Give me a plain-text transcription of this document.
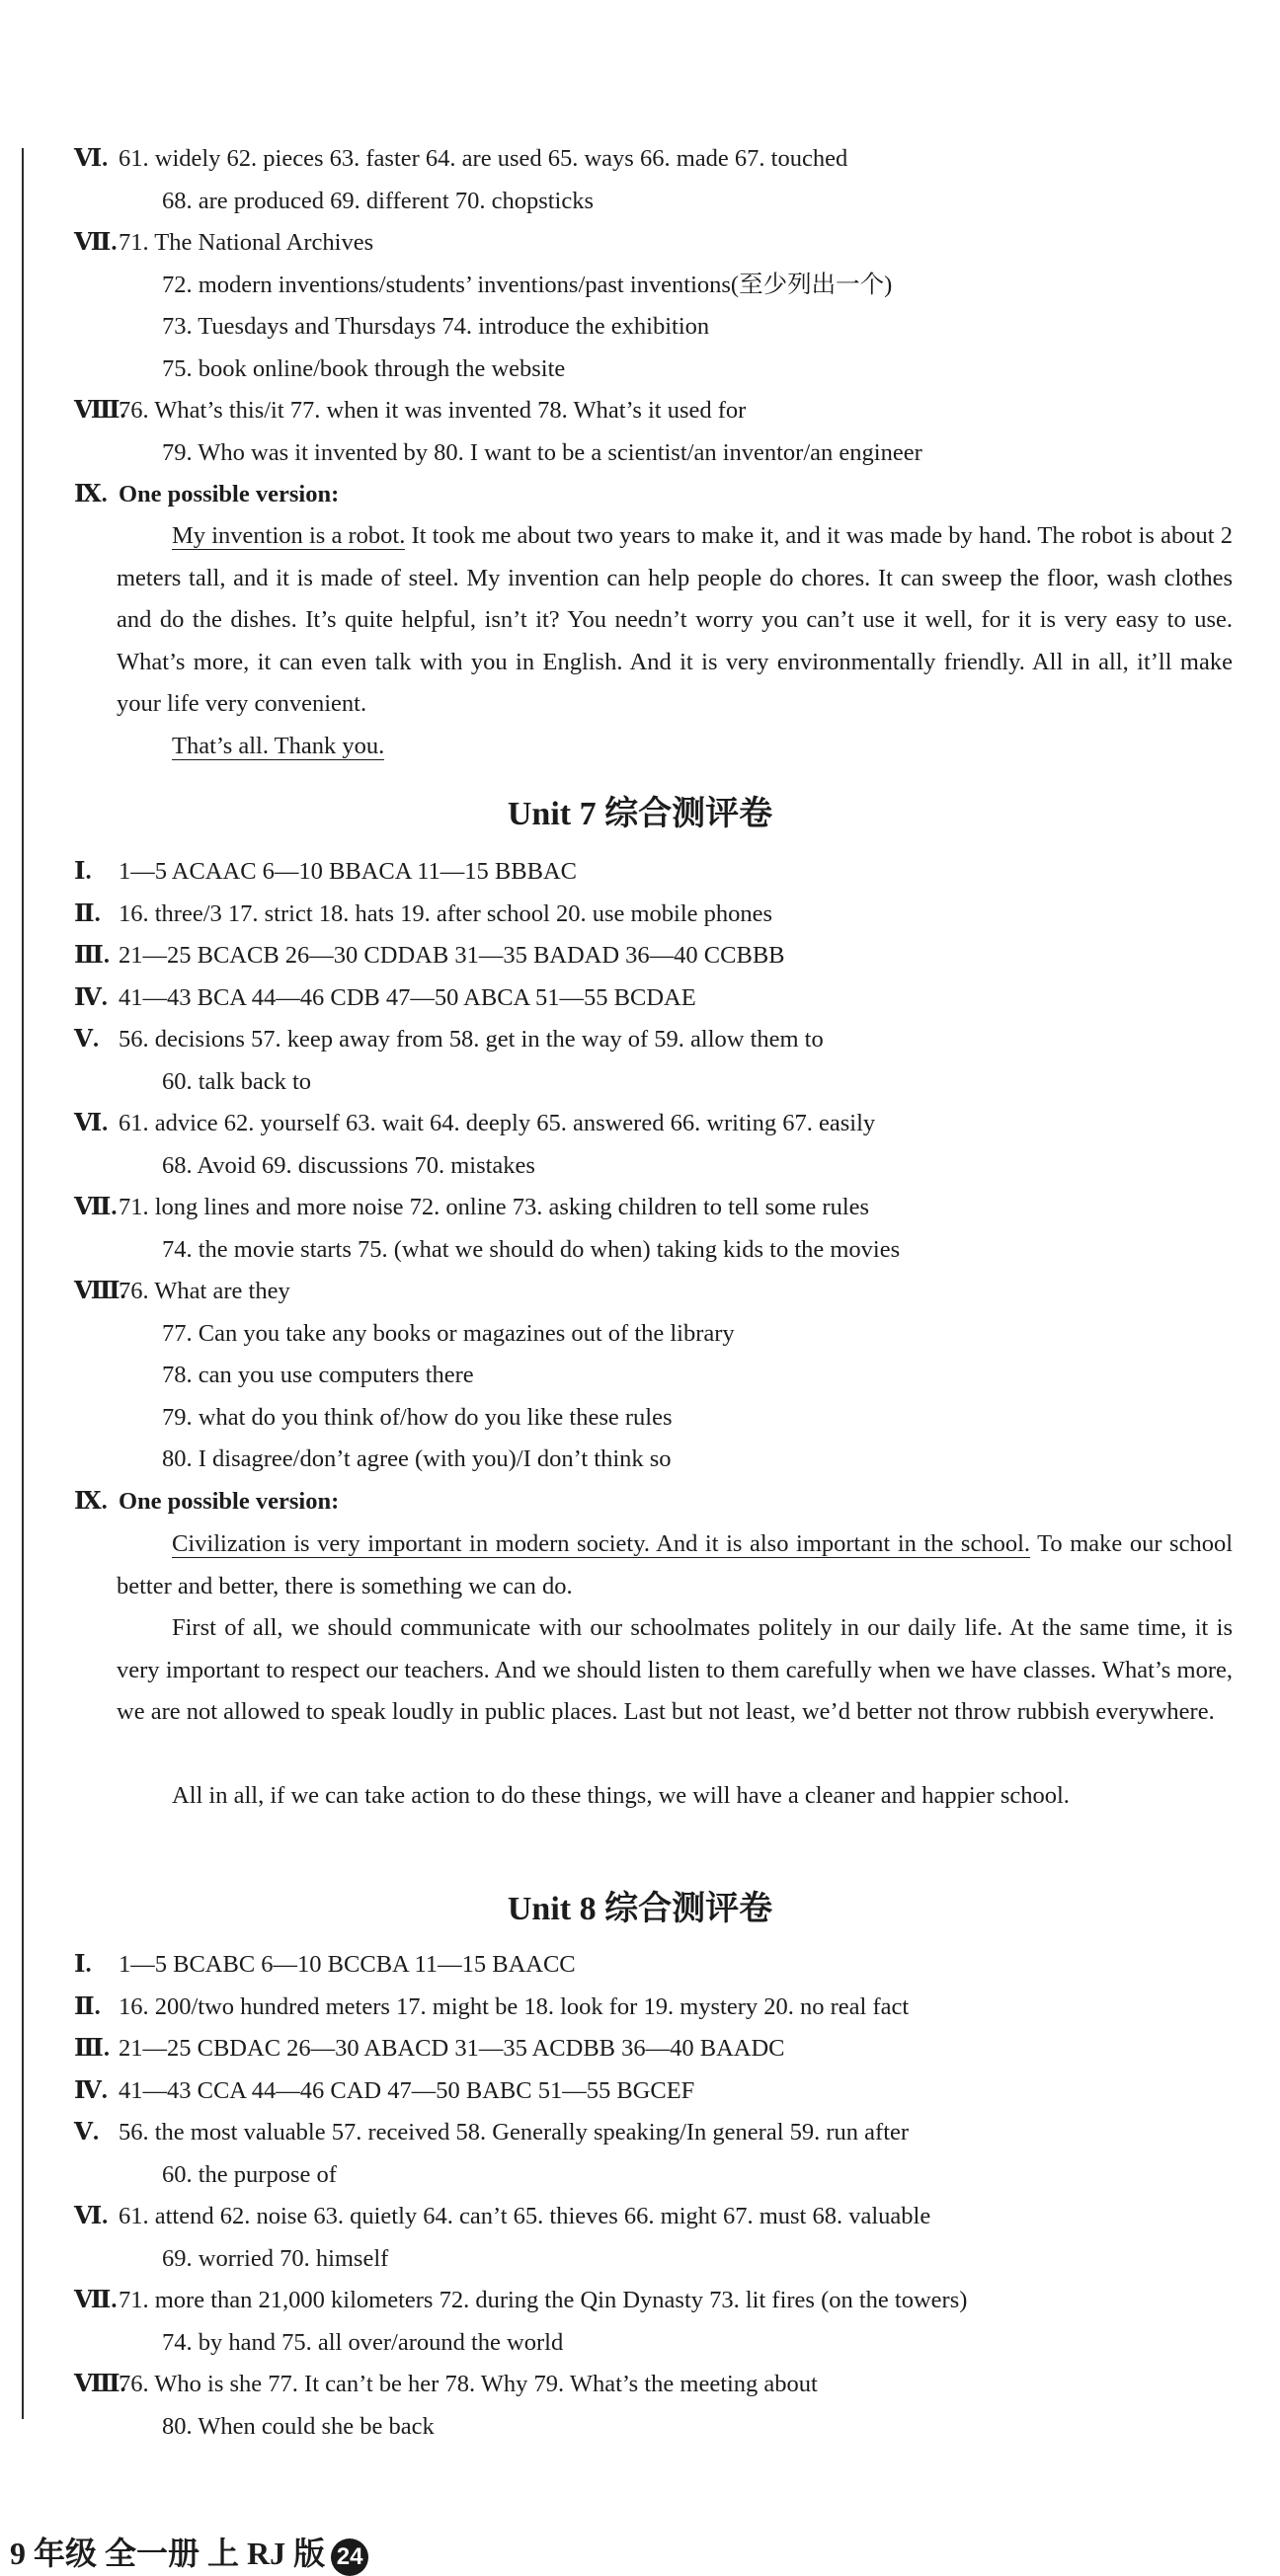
Ⅵ. 61. widely 62. pieces 63. faster 64. are used 65. ways 66. made 67. touched
68. are produced 69. different 70. chopsticks
Ⅶ. 71. The National Archives
72. modern inventions/students’ inventions/past inventions(至少列出一个)
73. Tuesdays and Thursdays 74. introduce the exhibition
75. book online/book through the website
Ⅷ.
76. What’s this/it 77. when it was invented 78. What’s it used for
79. Who was it invented by 80. I want to be a scientist/an inventor/an engineer
Ⅸ. One possible version:
My invention is a robot. It took me about two years to make it, and it was made by hand. The robot is about 2 meters tall, and it is made of steel. My invention can help people do chores. It can sweep the floor, wash clothes and do the dishes. It’s quite helpful, isn’t it? You needn’t worry you can’t use it well, for it is very easy to use. What’s more, it can even talk with you in English. And it is very environmentally friendly. All in all, it’ll make your life very convenient.
That’s all. Thank you.
Unit 7 综合测评卷
Ⅰ.	1—5 ACAAC 6—10 BBACA 11—15 BBBAC
Ⅱ. 16. three/3 17. strict 18. hats 19. after school 20. use mobile phones
Ⅲ. 21—25 BCACB 26—30 CDDAB 31—35 BADAD 36—40 CCBBB
Ⅳ. 41—43 BCA 44—46 CDB 47—50 ABCA 51—55 BCDAE
Ⅴ. 56. decisions 57. keep away from 58. get in the way of 59. allow them to
60. talk back to
Ⅵ. 61. advice 62. yourself 63. wait 64. deeply 65. answered 66. writing 67. easily
68. Avoid 69. discussions 70. mistakes
Ⅶ. 71. long lines and more noise 72. online 73. asking children to tell some rules
74. the movie starts 75. (what we should do when) taking kids to the movies
Ⅷ.
76. What are they
77. Can you take any books or magazines out of the library
78. can you use computers there
79. what do you think of/how do you like these rules
80. I disagree/don’t agree (with you)/I don’t think so
Ⅸ. One possible version:
Civilization is very important in modern society. And it is also important in the school. To make our school better and better, there is something we can do.
First of all, we should communicate with our schoolmates politely in our daily life. At the same time, it is very important to respect our teachers. And we should listen to them carefully when we have classes. What’s more, we are not allowed to speak loudly in public places. Last but not least, we’d better not throw rubbish everywhere.
All in all, if we can take action to do these things, we will have a cleaner and happier school.
Unit 8 综合测评卷
Ⅰ.	1—5 BCABC 6—10 BCCBA 11—15 BAACC
Ⅱ. 16. 200/two hundred meters 17. might be 18. look for 19. mystery 20. no real fact
Ⅲ. 21—25 CBDAC 26—30 ABACD 31—35 ACDBB 36—40 BAADC
Ⅳ. 41—43 CCA 44—46 CAD 47—50 BABC 51—55 BGCEF
Ⅴ. 56. the most valuable 57. received 58. Generally speaking/In general 59. run after
60. the purpose of
Ⅵ. 61. attend 62. noise 63. quietly 64. can’t 65. thieves 66. might 67. must 68. valuable
69. worried 70. himself
Ⅶ. 71. more than 21,000 kilometers 72. during the Qin Dynasty 73. lit fires (on the towers)
74. by hand 75. all over/around the world
Ⅷ.
76. Who is she 77. It can’t be her 78. Why 79. What’s the meeting about
80. When could she be back
9 年级 全一册 上 RJ 版 24
